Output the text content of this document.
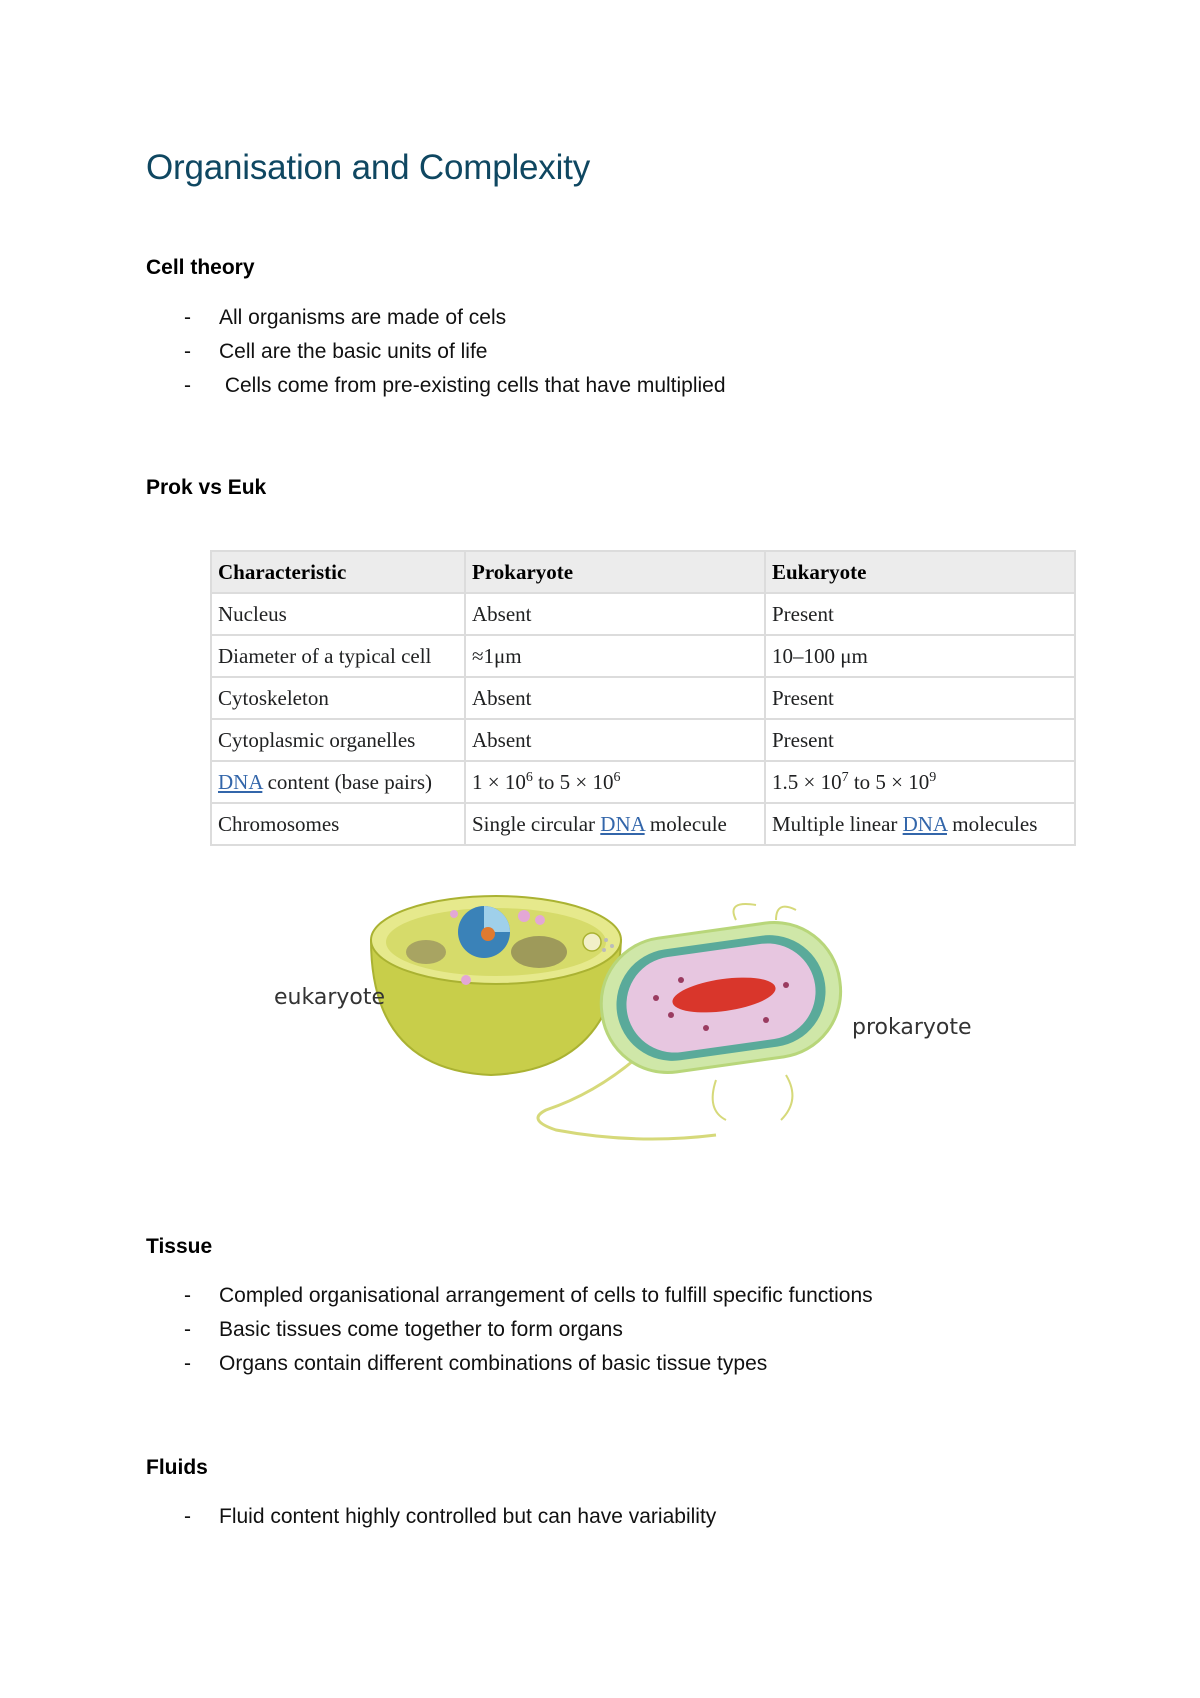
Organisation and Complexity
Cell theory
- All organisms are made of cels
- Cell are the basic units of life
- Cells come from pre-existing cells that have multiplied
Prok vs Euk
Characteristic	Prokaryote	Eukaryote
Nucleus	Absent	Present
Diameter of a typical cell	≈1μm	10–100 μm
Cytoskeleton	Absent	Present
Cytoplasmic organelles	Absent	Present
DNA content (base pairs)	$1 \times 10^6$ to $5 \times 10^6$	$1.5 \times 10^7$ to $5 \times 10^9$
Chromosomes	Single circular DNA molecule	Multiple linear DNA molecules
eukaryote
prokaryote
Tissue
- Compled organisational arrangement of cells to fulfill specific functions
- Basic tissues come together to form organs
- Organs contain different combinations of basic tissue types
Fluids
- Fluid content highly controlled but can have variability
